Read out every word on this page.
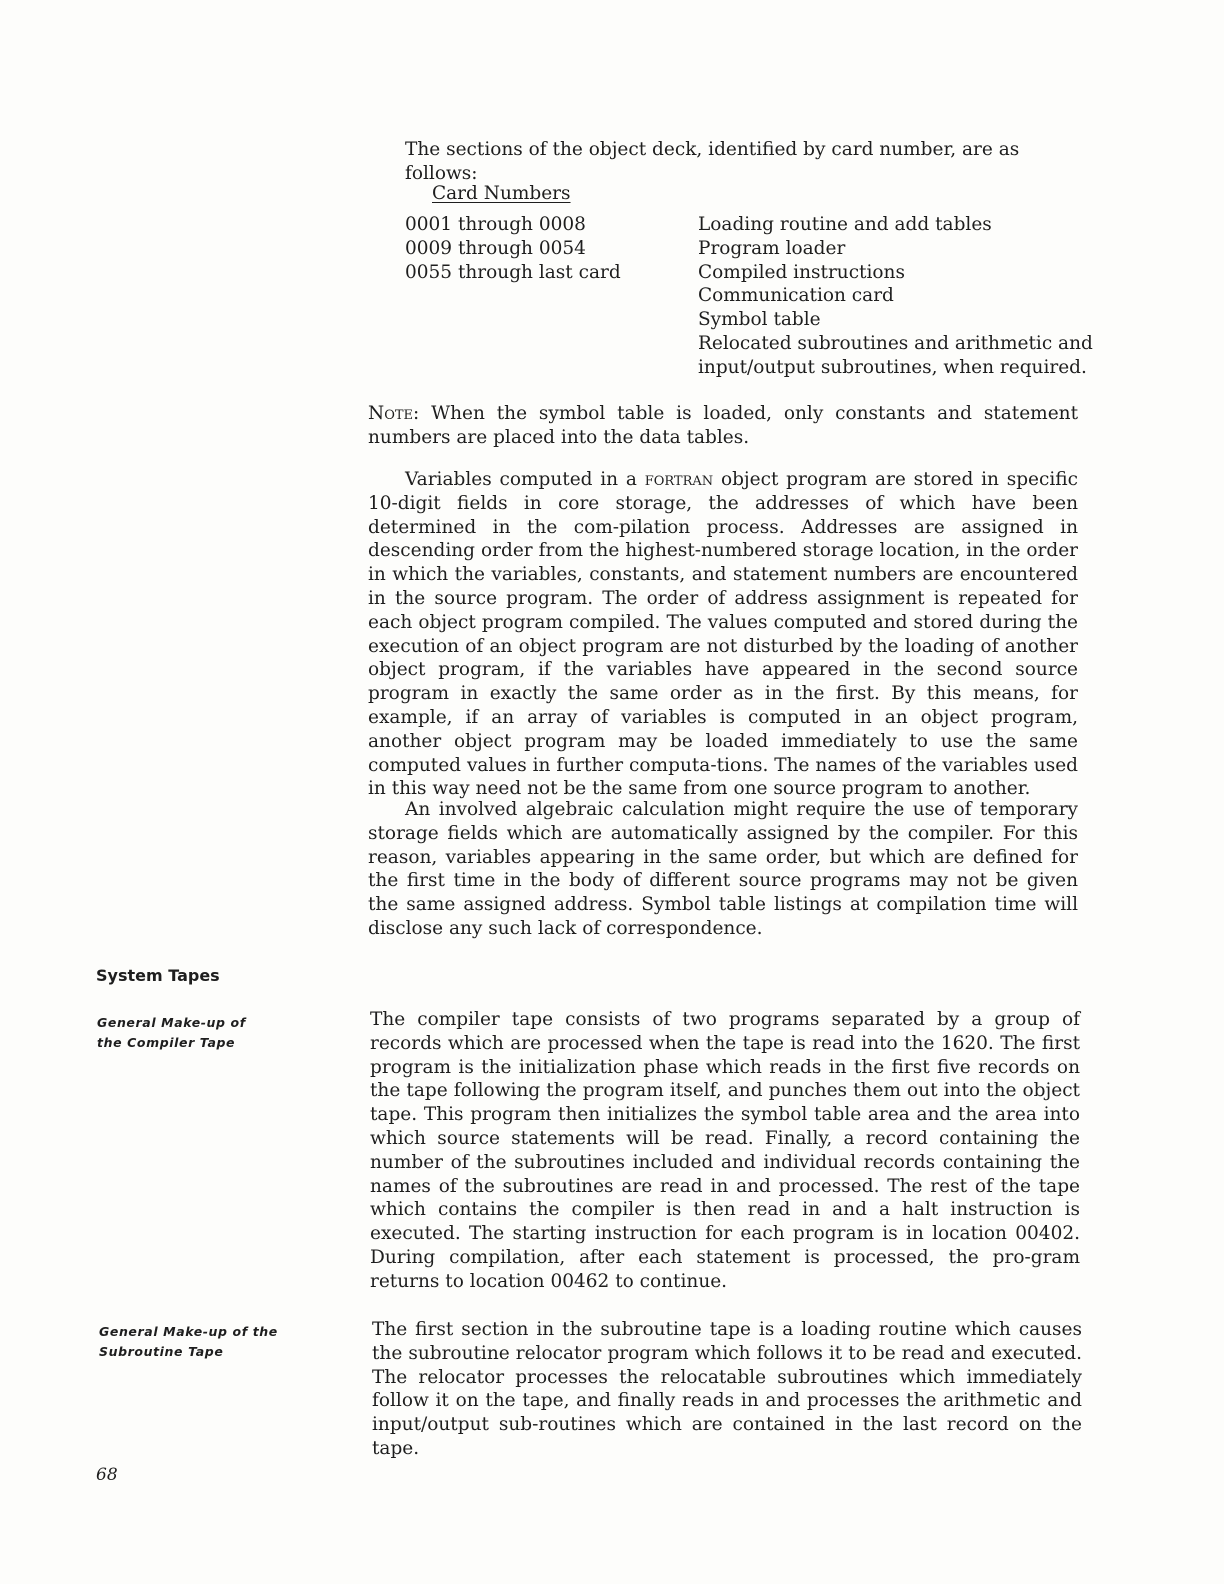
The sections of the object deck, identified by card number, are as follows:
Card Numbers
0001 through 0008
0009 through 0054
0055 through last card
Loading routine and add tables
Program loader
Compiled instructions
Communication card
Symbol table
Relocated subroutines and arithmetic and
input/output subroutines, when required.
Note: When the symbol table is loaded, only constants and statement numbers are placed into the data tables.
Variables computed in a fortran object program are stored in specific 10-digit fields in core storage, the addresses of which have been determined in the com-pilation process. Addresses are assigned in descending order from the highest-numbered storage location, in the order in which the variables, constants, and statement numbers are encountered in the source program. The order of address assignment is repeated for each object program compiled. The values computed and stored during the execution of an object program are not disturbed by the loading of another object program, if the variables have appeared in the second source program in exactly the same order as in the first. By this means, for example, if an array of variables is computed in an object program, another object program may be loaded immediately to use the same computed values in further computa-tions. The names of the variables used in this way need not be the same from one source program to another.
An involved algebraic calculation might require the use of temporary storage fields which are automatically assigned by the compiler. For this reason, variables appearing in the same order, but which are defined for the first time in the body of different source programs may not be given the same assigned address. Symbol table listings at compilation time will disclose any such lack of correspondence.
System Tapes
General Make-up of
the Compiler Tape
The compiler tape consists of two programs separated by a group of records which are processed when the tape is read into the 1620. The first program is the initialization phase which reads in the first five records on the tape following the program itself, and punches them out into the object tape. This program then initializes the symbol table area and the area into which source statements will be read. Finally, a record containing the number of the subroutines included and individual records containing the names of the subroutines are read in and processed. The rest of the tape which contains the compiler is then read in and a halt instruction is executed. The starting instruction for each program is in location 00402. During compilation, after each statement is processed, the pro-gram returns to location 00462 to continue.
General Make-up of the
Subroutine Tape
The first section in the subroutine tape is a loading routine which causes the subroutine relocator program which follows it to be read and executed. The relocator processes the relocatable subroutines which immediately follow it on the tape, and finally reads in and processes the arithmetic and input/output sub-routines which are contained in the last record on the tape.
68
